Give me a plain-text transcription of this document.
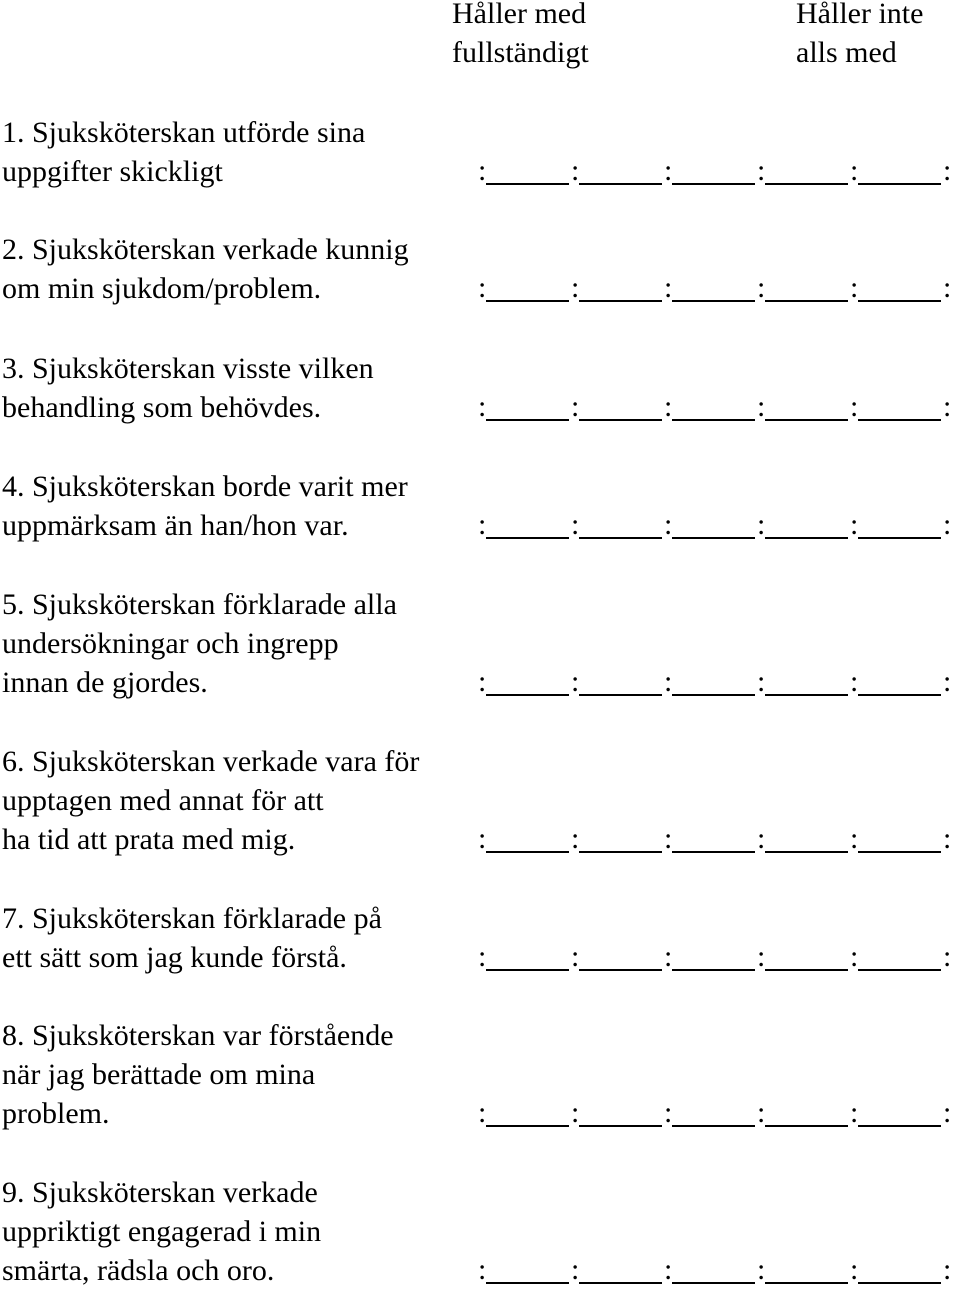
Håller med
fullständigt
Håller inte
alls med
1. Sjuksköterskan utförde sina
uppgifter skickligt	:	:	:	:	:	:
2. Sjuksköterskan verkade kunnig
om min sjukdom/problem.	:	:	:	:	:	:
3. Sjuksköterskan visste vilken
behandling som behövdes.	:	:	:	:	:	:
4. Sjuksköterskan borde varit mer
uppmärksam än han/hon var.	:	:	:	:	:	:
5. Sjuksköterskan förklarade alla
undersökningar och ingrepp
innan de gjordes.	:	:	:	:	:	:
6. Sjuksköterskan verkade vara för
upptagen med annat för att
ha tid att prata med mig.	:	:	:	:	:	:
7. Sjuksköterskan förklarade på
ett sätt som jag kunde förstå.	:	:	:	:	:	:
8. Sjuksköterskan var förstående
när jag berättade om mina
problem.	:	:	:	:	:	:
9. Sjuksköterskan verkade
uppriktigt engagerad i min
smärta, rädsla och oro.	:	:	:	:	:	:
